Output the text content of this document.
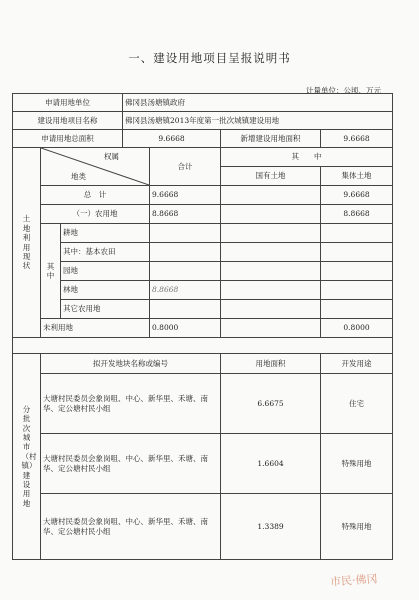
一、建设用地项目呈报说明书
计量单位：公顷、万元
申请用地单位			佛冈县汤塘镇政府			
建设用地项目名称			佛冈县汤塘镇2013年度第一批次城镇建设用地			
申请用地总面积			9.6668		新增建设用地面积	9.6668

土地利用现状	权属
地类			合计	其　　中	
					国有土地	集体土地
	总　计			9.6668		9.6668
	（一）农用地			8.8668		8.8668

	其中	耕地				
		其中：基本农田				
		园地				
		林地		8.8668		
		其它农用地				
	未利用地			0.8000		0.8000

分批次城市（村镇）建设用地	拟开发地块名称或编号				用地面积	开发用途
	大塘村民委员会象岗咀、中心、新华里、禾塘、南华、定公塘村民小组				6.6675	住宅
	大塘村民委员会象岗咀、中心、新华里、禾塘、南华、定公塘村民小组				1.6604	特殊用地
	大塘村民委员会象岗咀、中心、新华里、禾塘、南华、定公塘村民小组				1.3389	特殊用地
市民·佛冈
